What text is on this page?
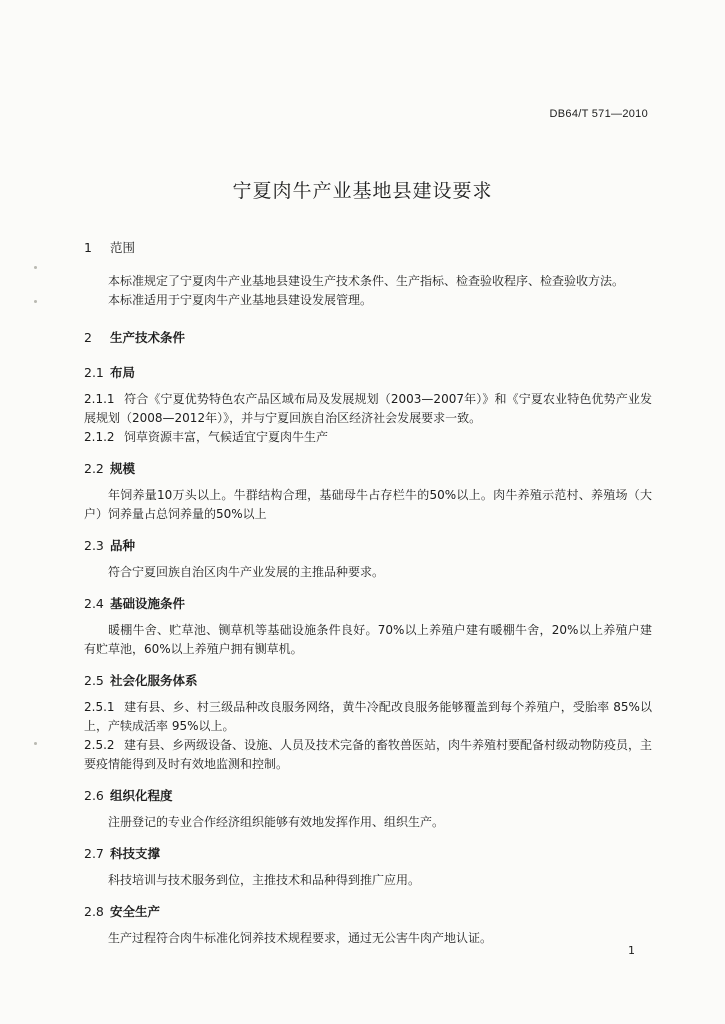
DB64/T 571—2010
宁夏肉牛产业基地县建设要求
1 范围

本标准规定了宁夏肉牛产业基地县建设生产技术条件、生产指标、检查验收程序、检查验收方法。

本标准适用于宁夏肉牛产业基地县建设发展管理。

2 生产技术条件
2.1 布局

2.1.1 符合《宁夏优势特色农产品区域布局及发展规划（2003—2007年）》和《宁夏农业特色优势产业发展规划（2008—2012年）》，并与宁夏回族自治区经济社会发展要求一致。

2.1.2 饲草资源丰富，气候适宜宁夏肉牛生产

2.2 规模

年饲养量10万头以上。牛群结构合理，基础母牛占存栏牛的50%以上。肉牛养殖示范村、养殖场（大户）饲养量占总饲养量的50%以上

2.3 品种

符合宁夏回族自治区肉牛产业发展的主推品种要求。

2.4 基础设施条件

暖棚牛舍、贮草池、铡草机等基础设施条件良好。70%以上养殖户建有暖棚牛舍，20%以上养殖户建有贮草池，60%以上养殖户拥有铡草机。

2.5 社会化服务体系

2.5.1 建有县、乡、村三级品种改良服务网络，黄牛冷配改良服务能够覆盖到每个养殖户，受胎率 85%以上，产犊成活率 95%以上。

2.5.2 建有县、乡两级设备、设施、人员及技术完备的畜牧兽医站，肉牛养殖村要配备村级动物防疫员，主要疫情能得到及时有效地监测和控制。

2.6 组织化程度

注册登记的专业合作经济组织能够有效地发挥作用、组织生产。

2.7 科技支撑

科技培训与技术服务到位，主推技术和品种得到推广应用。

2.8 安全生产

生产过程符合肉牛标准化饲养技术规程要求，通过无公害牛肉产地认证。

1
